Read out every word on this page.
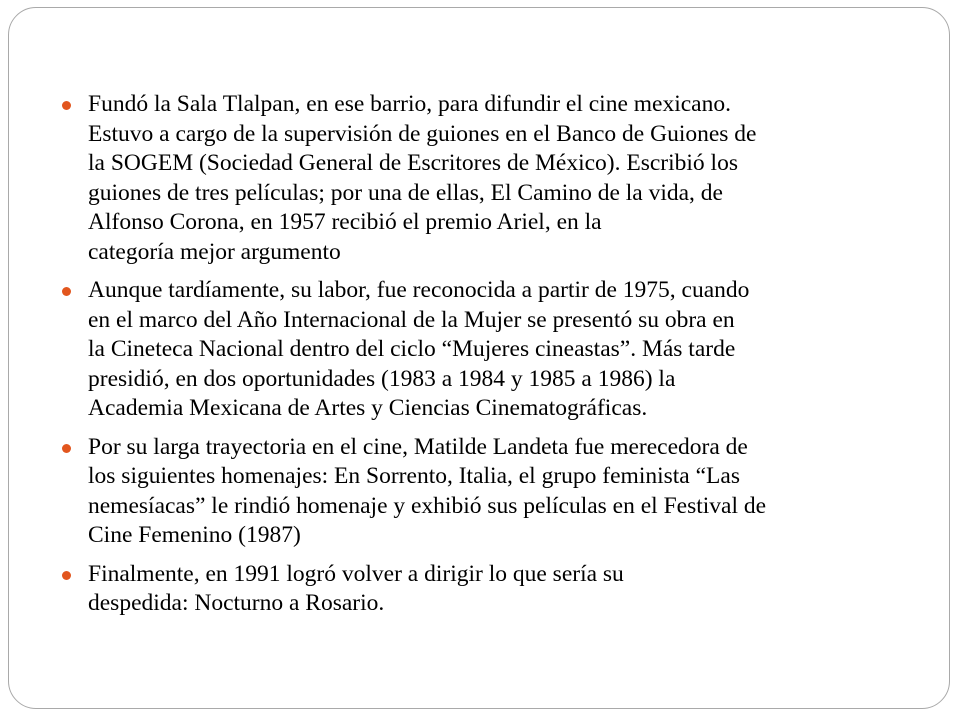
Fundó la Sala Tlalpan, en ese barrio, para difundir el cine mexicano.
Estuvo a cargo de la supervisión de guiones en el Banco de Guiones de
la SOGEM (Sociedad General de Escritores de México). Escribió los
guiones de tres películas; por una de ellas, El Camino de la vida, de
Alfonso Corona, en 1957 recibió el premio Ariel, en la
categoría mejor argumento
Aunque tardíamente, su labor, fue reconocida a partir de 1975, cuando
en el marco del Año Internacional de la Mujer se presentó su obra en
la Cineteca Nacional dentro del ciclo “Mujeres cineastas”. Más tarde
presidió, en dos oportunidades (1983 a 1984 y 1985 a 1986) la
Academia Mexicana de Artes y Ciencias Cinematográficas.
Por su larga trayectoria en el cine, Matilde Landeta fue merecedora de
los siguientes homenajes: En Sorrento, Italia, el grupo feminista “Las
nemesíacas” le rindió homenaje y exhibió sus películas en el Festival de
Cine Femenino (1987)
Finalmente, en 1991 logró volver a dirigir lo que sería su
despedida: Nocturno a Rosario.
